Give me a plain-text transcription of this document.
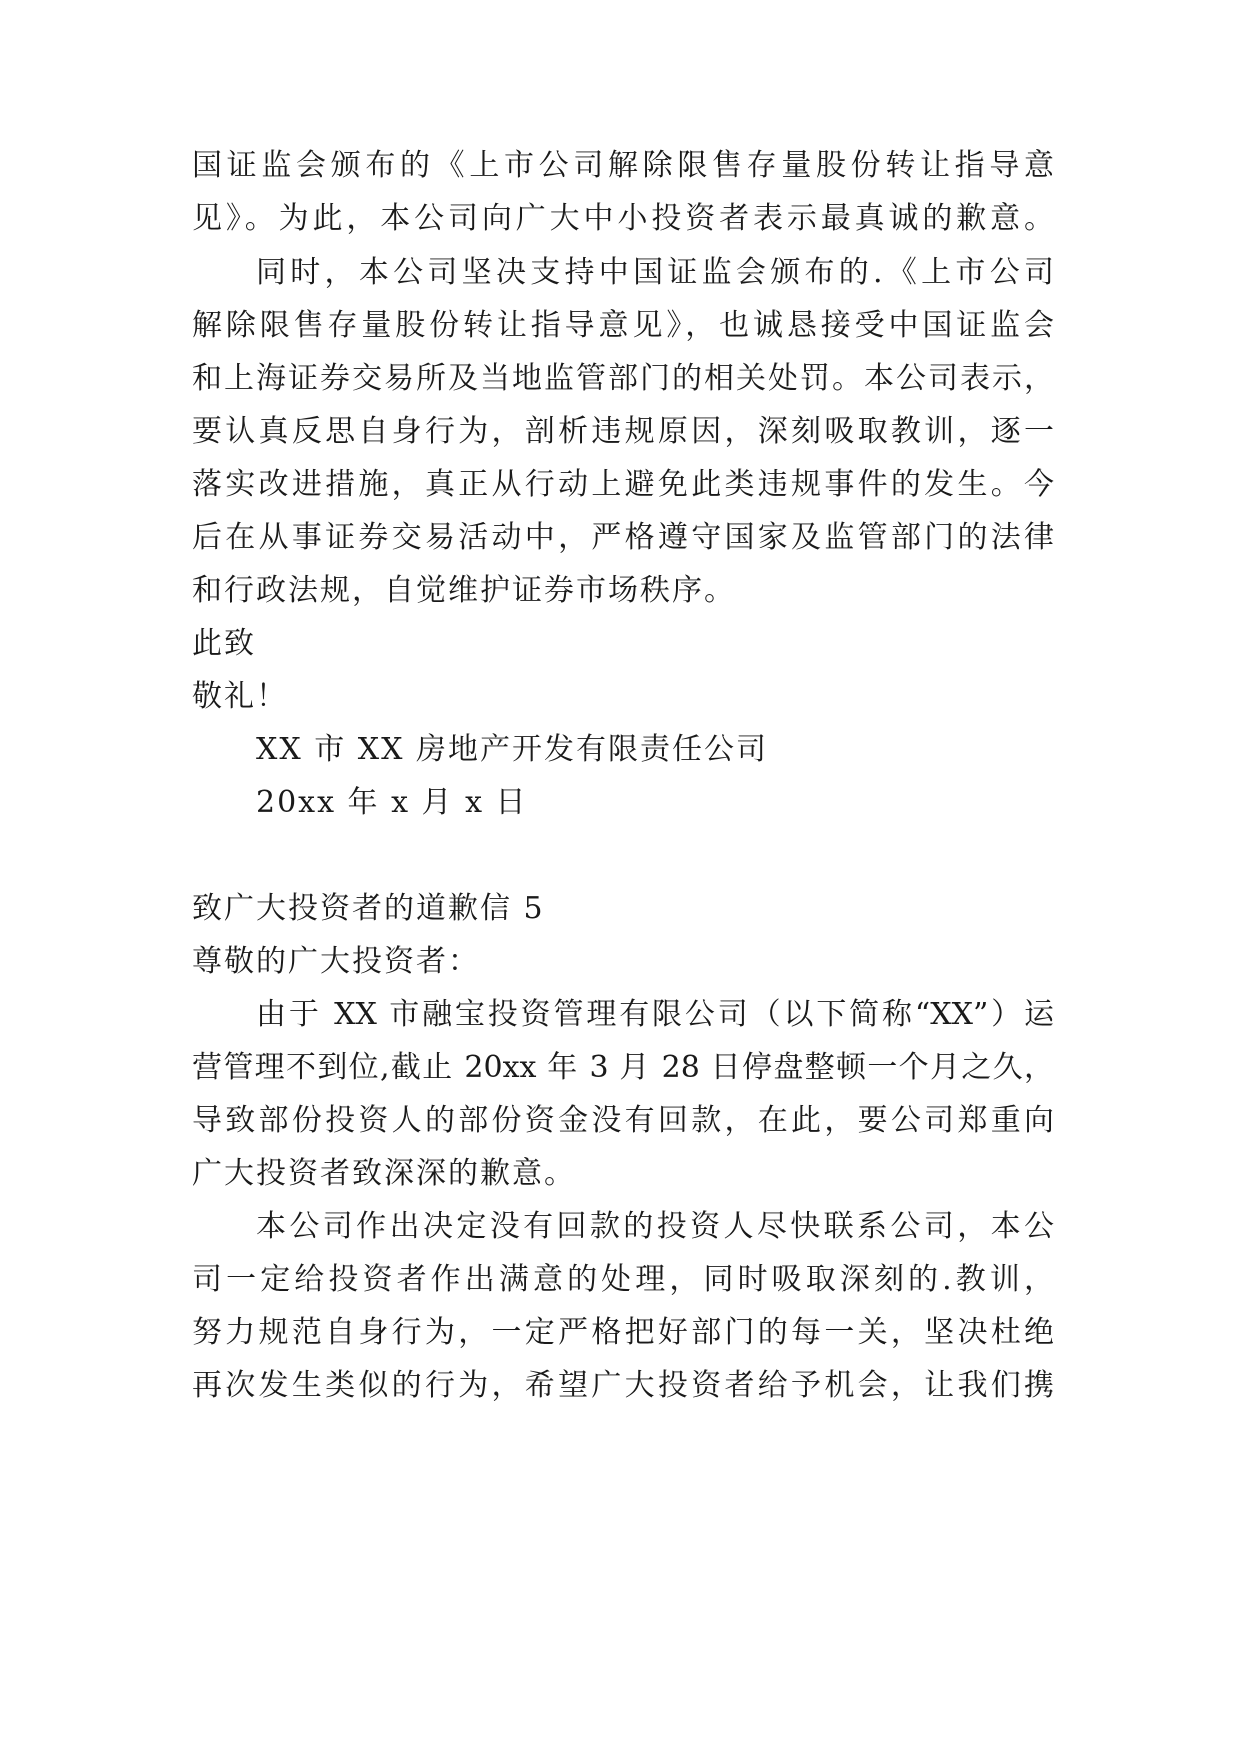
国证监会颁布的《上市公司解除限售存量股份转让指导意
见》。为此，本公司向广大中小投资者表示最真诚的歉意。
同时，本公司坚决支持中国证监会颁布的.《上市公司
解除限售存量股份转让指导意见》，也诚恳接受中国证监会
和上海证券交易所及当地监管部门的相关处罚。本公司表示，
要认真反思自身行为，剖析违规原因，深刻吸取教训，逐一
落实改进措施，真正从行动上避免此类违规事件的发生。今
后在从事证券交易活动中，严格遵守国家及监管部门的法律
和行政法规，自觉维护证券市场秩序。
此致
敬礼！
XX 市 XX 房地产开发有限责任公司
20xx 年 x 月 x 日
致广大投资者的道歉信 5
尊敬的广大投资者：
由于 XX 市融宝投资管理有限公司（以下简称“XX”）运
营管理不到位,截止 20xx 年 3 月 28 日停盘整顿一个月之久，
导致部份投资人的部份资金没有回款，在此，要公司郑重向
广大投资者致深深的歉意。
本公司作出决定没有回款的投资人尽快联系公司，本公
司一定给投资者作出满意的处理，同时吸取深刻的.教训，
努力规范自身行为，一定严格把好部门的每一关，坚决杜绝
再次发生类似的行为，希望广大投资者给予机会，让我们携
